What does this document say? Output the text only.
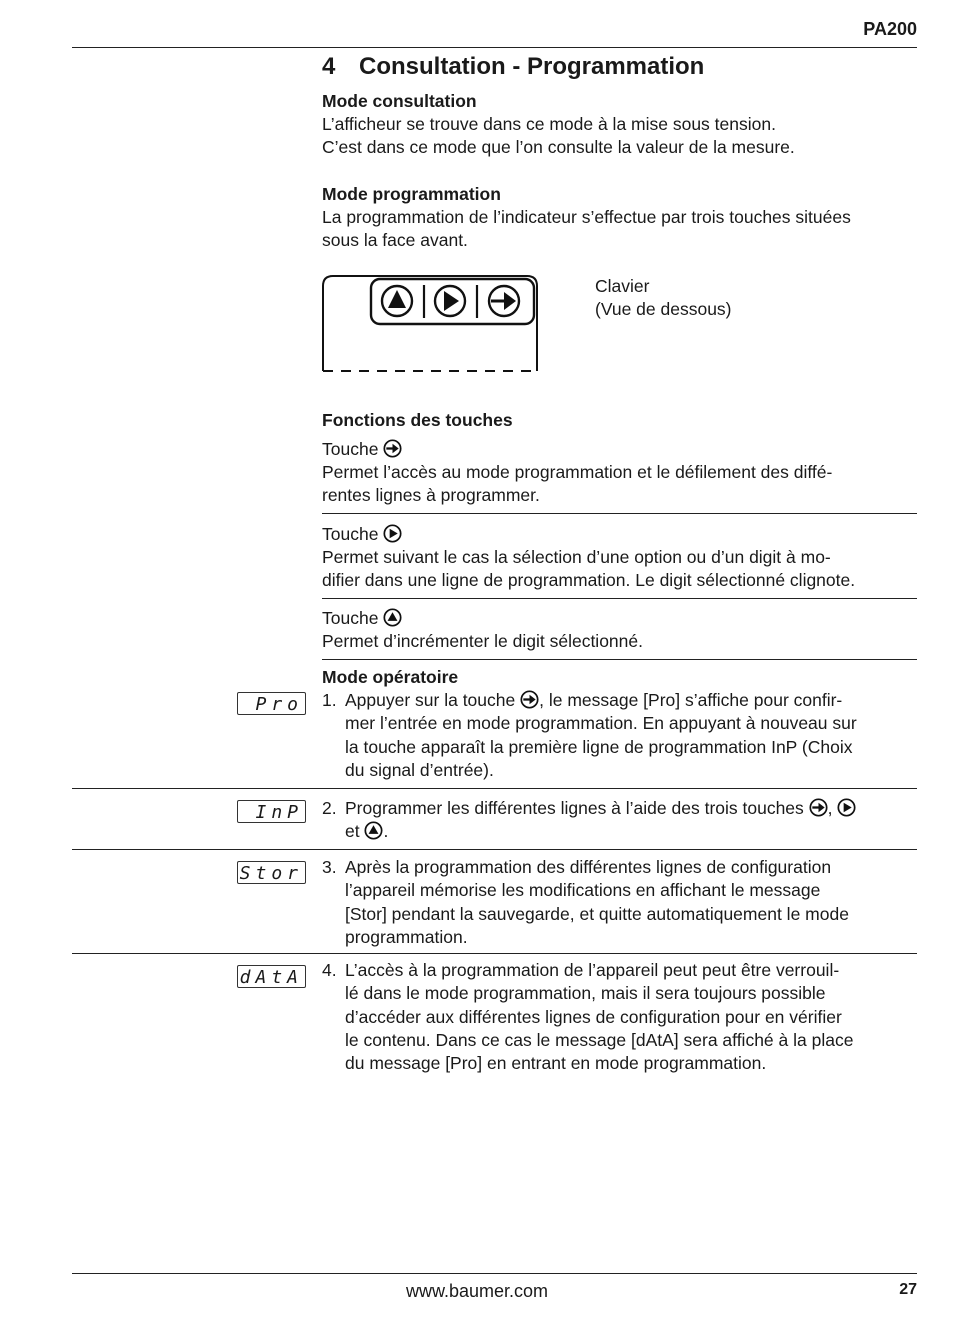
PA200
4 Consultation - Programmation
Mode consultation
L’afficheur se trouve dans ce mode à la mise sous tension.
C’est dans ce mode que l’on consulte la valeur de la mesure.
Mode programmation
La programmation de l’indicateur s’effectue par trois touches situées
sous la face avant.
Clavier
(Vue de dessous)
Fonctions des touches
Touche
Permet l’accès au mode programmation et le défilement des diffé-
rentes lignes à programmer.
Touche
Permet suivant le cas la sélection d’une option ou d’un digit à mo-
difier dans une ligne de programmation. Le digit sélectionné clignote.
Touche
Permet d’incrémenter le digit sélectionné.
Mode opératoire
Pro 1. Appuyer sur la touche , le message [Pro] s’affiche pour confir-
mer l’entrée en mode programmation. En appuyant à nouveau sur
la touche apparaît la première ligne de programmation InP (Choix
du signal d’entrée).
InP 2. Programmer les différentes lignes à l’aide des trois touches ,
et .
Stor 3. Après la programmation des différentes lignes de configuration
l’appareil mémorise les modifications en affichant le message
[Stor] pendant la sauvegarde, et quitte automatiquement le mode
programmation.
dAtA 4. L’accès à la programmation de l’appareil peut peut être verrouil-
lé dans le mode programmation, mais il sera toujours possible
d’accéder aux différentes lignes de configuration pour en vérifier
le contenu. Dans ce cas le message [dAtA] sera affiché à la place
du message [Pro] en entrant en mode programmation.
www.baumer.com	27
